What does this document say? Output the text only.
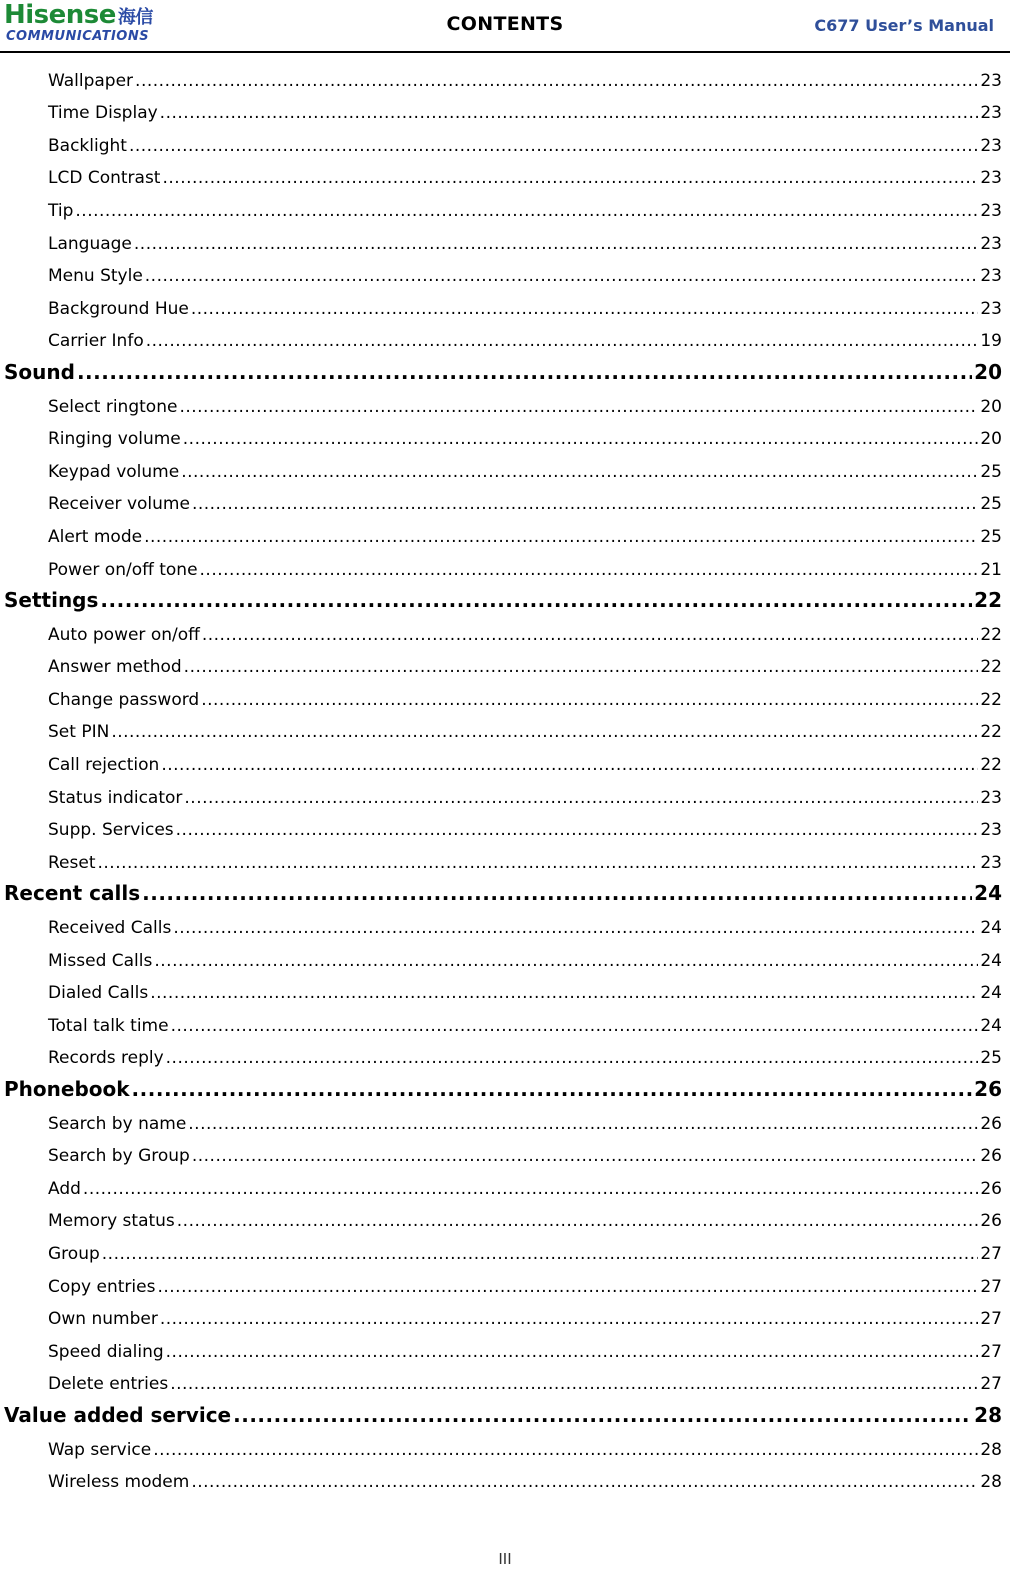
Hisense 海信
COMMUNICATIONS
CONTENTS	C677 User’s Manual
Wallpaper .....	23
Time Display .....	23
Backlight .....	23
LCD Contrast .....	23
Tip .....	23
Language .....	23
Menu Style .....	23
Background Hue .....	23
Carrier Info .....	19
Sound .....	20
Select ringtone .....	20
Ringing volume .....	20
Keypad volume .....	25
Receiver volume .....	25
Alert mode .....	25
Power on/off tone .....	21
Settings .....	22
Auto power on/off .....	22
Answer method .....	22
Change password .....	22
Set PIN .....	22
Call rejection .....	22
Status indicator .....	23
Supp. Services .....	23
Reset .....	23
Recent calls .....	24
Received Calls .....	24
Missed Calls .....	24
Dialed Calls .....	24
Total talk time .....	24
Records reply .....	25
Phonebook .....	26
Search by name .....	26
Search by Group .....	26
Add .....	26
Memory status .....	26
Group .....	27
Copy entries .....	27
Own number .....	27
Speed dialing .....	27
Delete entries .....	27
Value added service .....	28
Wap service .....	28
Wireless modem .....	28
III
